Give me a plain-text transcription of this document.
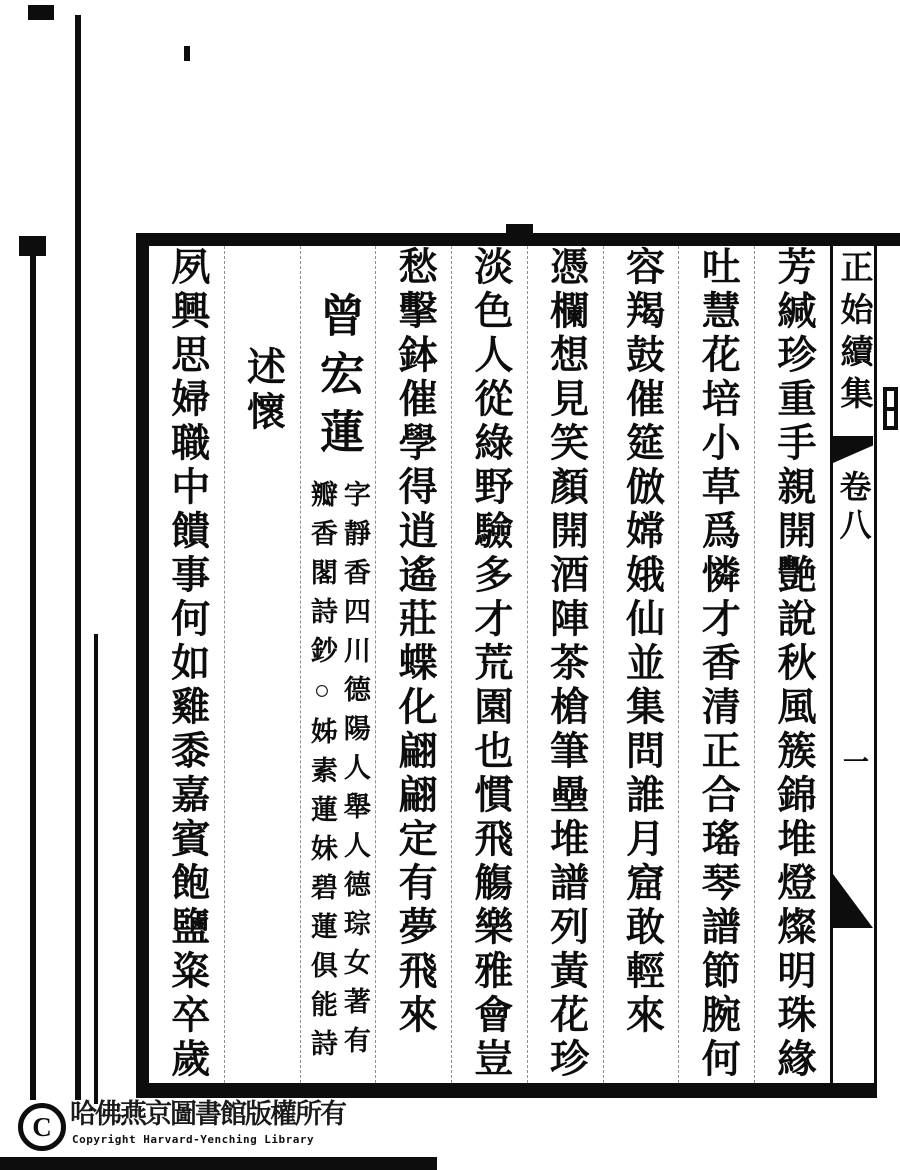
芳緘珍重手親開艷說秋風簇錦堆燈燦明珠緣
吐慧花培小草爲憐才香清正合瑤琴譜節腕何
容羯鼓催筵倣嫦娥仙並集問誰月窟敢輕來
憑欄想見笑顏開酒陣茶槍筆壘堆譜列黃花珍
淡色人從綠野驗多才荒園也慣飛觴樂雅會豈
愁擊鉢催學得逍遙莊蝶化翩翩定有夢飛來
曾宏蓮
字靜香四川德陽人舉人德琮女著有
瓣香閣詩鈔○姊素蓮妹碧蓮俱能詩
述懷
夙興思婦職中饋事何如雞黍嘉賓飽鹽粢卒歲	正始續集
卷八
一
C 哈佛燕京圖書館版權所有
Copyright Harvard-Yenching Library
